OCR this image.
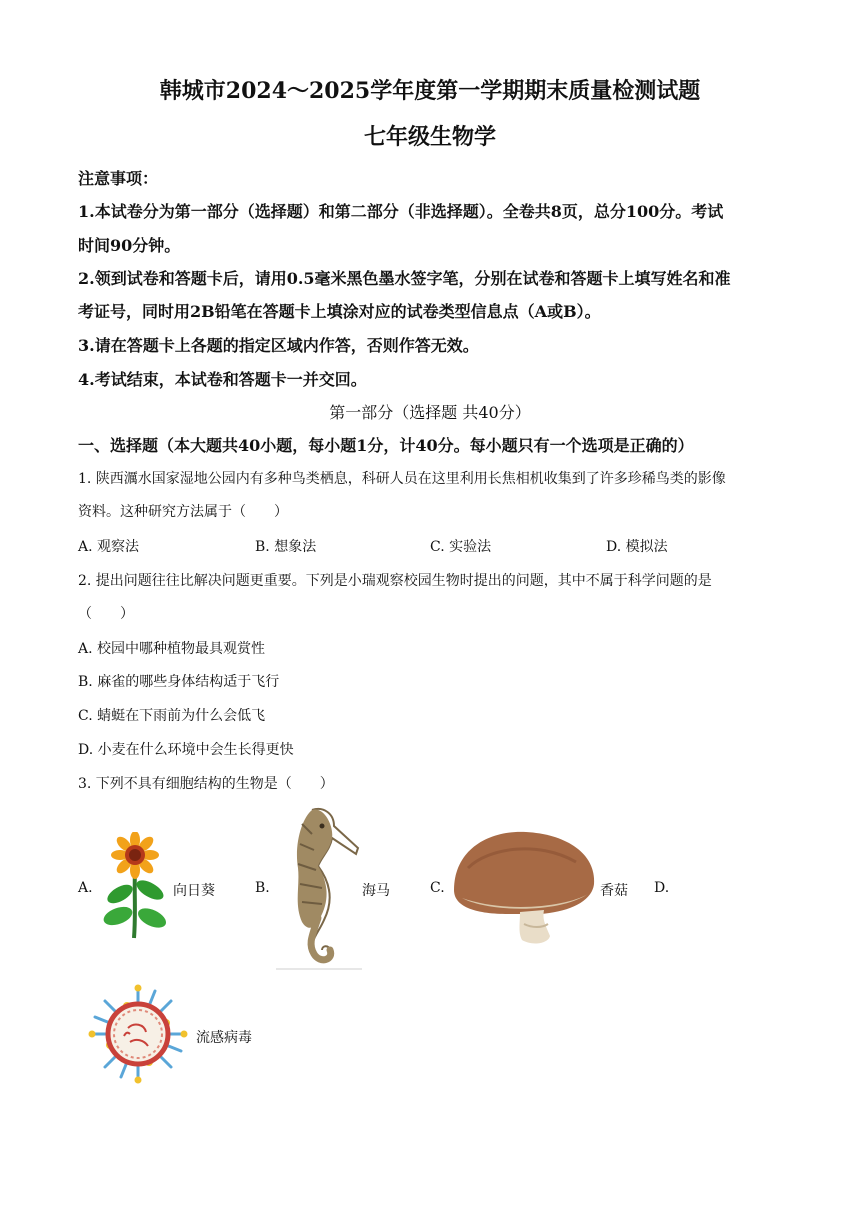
韩城市2024～2025学年度第一学期期末质量检测试题
七年级生物学
注意事项：
1.本试卷分为第一部分（选择题）和第二部分（非选择题）。全卷共8页，总分100分。考试
时间90分钟。
2.领到试卷和答题卡后，请用0.5毫米黑色墨水签字笔，分别在试卷和答题卡上填写姓名和准
考证号，同时用2B铅笔在答题卡上填涂对应的试卷类型信息点（A或B）。
3.请在答题卡上各题的指定区域内作答，否则作答无效。
4.考试结束，本试卷和答题卡一并交回。
第一部分（选择题 共40分）
一、选择题（本大题共40小题，每小题1分，计40分。每小题只有一个选项是正确的）
1. 陕西濿水国家湿地公园内有多种鸟类栖息，科研人员在这里利用长焦相机收集到了许多珍稀鸟类的影像
资料。这种研究方法属于（　　）
A. 观察法	B. 想象法	C. 实验法	D. 模拟法
2. 提出问题往往比解决问题更重要。下列是小瑞观察校园生物时提出的问题，其中不属于科学问题的是
（　　）
A. 校园中哪种植物最具观赏性
B. 麻雀的哪些身体结构适于飞行
C. 蜻蜓在下雨前为什么会低飞
D. 小麦在什么环境中会生长得更快
3. 下列不具有细胞结构的生物是（　　）
A.	向日葵	B.	海马	C.	香菇 D.
流感病毒
